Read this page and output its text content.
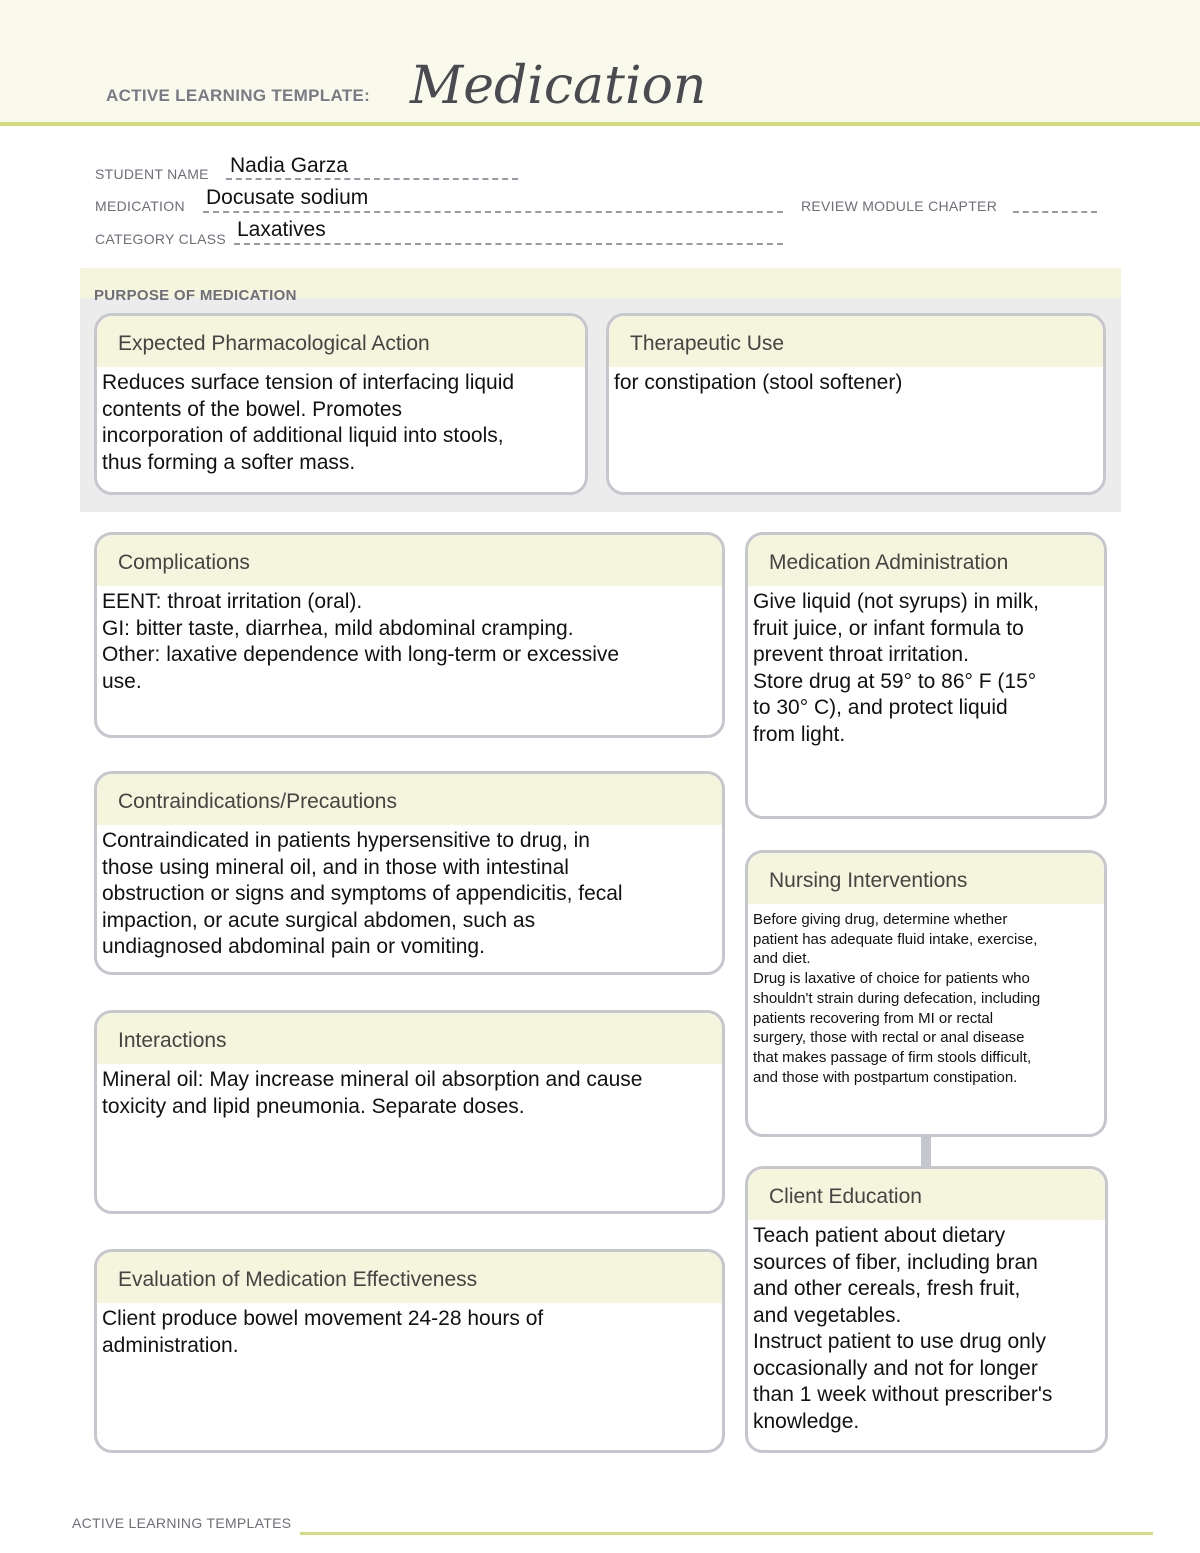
ACTIVE LEARNING TEMPLATE: Medication
STUDENT NAME Nadia Garza
MEDICATION Docusate sodium	REVIEW MODULE CHAPTER
CATEGORY CLASS Laxatives
PURPOSE OF MEDICATION
Expected Pharmacological Action

Reduces surface tension of interfacing liquid

contents of the bowel. Promotes

incorporation of additional liquid into stools,

thus forming a softer mass.

Therapeutic Use

for constipation (stool softener)

Complications

EENT: throat irritation (oral).

GI: bitter taste, diarrhea, mild abdominal cramping.

Other: laxative dependence with long-term or excessive

use.

Medication Administration

Give liquid (not syrups) in milk,

fruit juice, or infant formula to

prevent throat irritation.

Store drug at 59° to 86° F (15°

to 30° C), and protect liquid

from light.

Contraindications/Precautions

Contraindicated in patients hypersensitive to drug, in

those using mineral oil, and in those with intestinal

obstruction or signs and symptoms of appendicitis, fecal

impaction, or acute surgical abdomen, such as

undiagnosed abdominal pain or vomiting.

Nursing Interventions

Before giving drug, determine whether

patient has adequate fluid intake, exercise,

and diet.

Drug is laxative of choice for patients who

shouldn't strain during defecation, including

patients recovering from MI or rectal

surgery, those with rectal or anal disease

that makes passage of firm stools difficult,

and those with postpartum constipation.

Interactions

Mineral oil: May increase mineral oil absorption and cause

toxicity and lipid pneumonia. Separate doses.

Client Education

Teach patient about dietary

sources of fiber, including bran

and other cereals, fresh fruit,

and vegetables.

Instruct patient to use drug only

occasionally and not for longer

than 1 week without prescriber's

knowledge.

Evaluation of Medication Effectiveness

Client produce bowel movement 24-28 hours of

administration.

ACTIVE LEARNING TEMPLATES
